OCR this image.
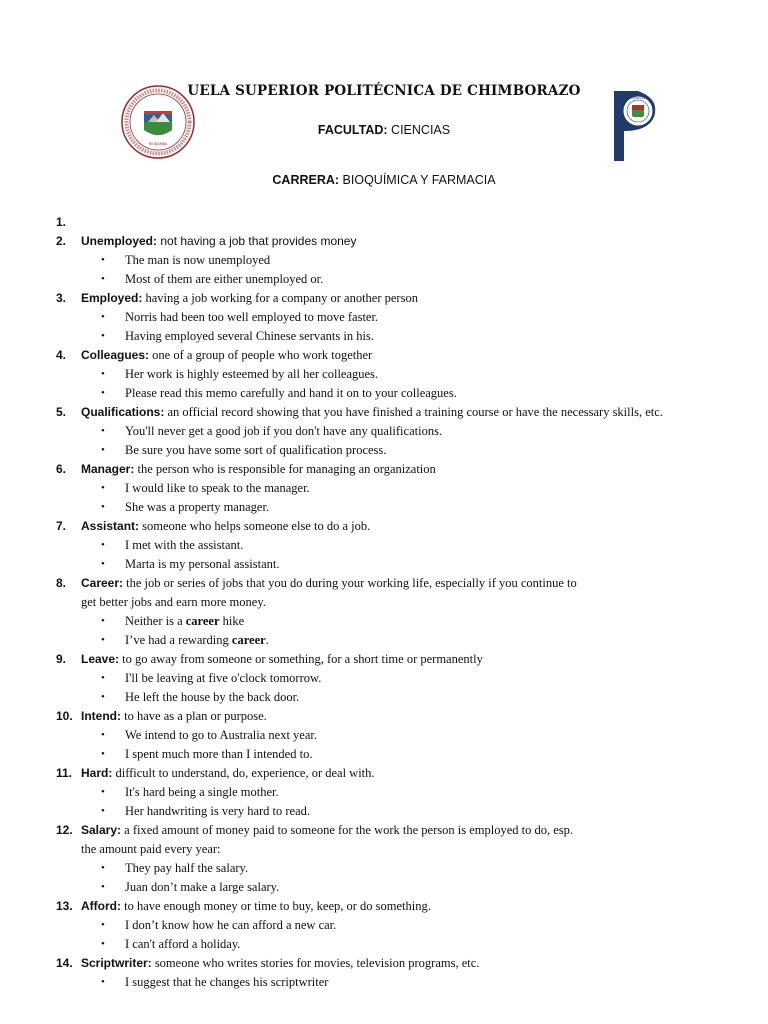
RIOBAMBA
UELA SUPERIOR POLITÉCNICA DE CHIMBORAZO	CIENCIAS
FACULTAD: CIENCIAS
CARRERA: BIOQUÍMICA Y FARMACIA
1.
2.	Unemployed: not having a job that provides money
• The man is now unemployed
• Most of them are either unemployed or.
3.	Employed: having a job working for a company or another person
• Norris had been too well employed to move faster.
• Having employed several Chinese servants in his.
4.	Colleagues: one of a group of people who work together
• Her work is highly esteemed by all her colleagues.
• Please read this memo carefully and hand it on to your colleagues.
5.	Qualifications: an official record showing that you have finished a training course or have the necessary skills, etc.
• You'll never get a good job if you don't have any qualifications.
• Be sure you have some sort of qualification process.
6.	Manager: the person who is responsible for managing an organization
• I would like to speak to the manager.
• She was a property manager.
7.	Assistant: someone who helps someone else to do a job.
• I met with the assistant.
• Marta is my personal assistant.
8.	Career: the job or series of jobs that you do during your working life, especially if you continue to
get better jobs and earn more money.
• Neither is a career hike
• I’ve had a rewarding career.
9.	Leave: to go away from someone or something, for a short time or permanently
• I'll be leaving at five o'clock tomorrow.
• He left the house by the back door.
10. Intend: to have as a plan or purpose.
• We intend to go to Australia next year.
• I spent much more than I intended to.
11. Hard: difficult to understand, do, experience, or deal with.
• It's hard being a single mother.
• Her handwriting is very hard to read.
12. Salary: a fixed amount of money paid to someone for the work the person is employed to do, esp.
the amount paid every year:
• They pay half the salary.
• Juan don’t make a large salary.
13. Afford: to have enough money or time to buy, keep, or do something.
• I don’t know how he can afford a new car.
• I can't afford a holiday.
14. Scriptwriter: someone who writes stories for movies, television programs, etc.
• I suggest that he changes his scriptwriter
